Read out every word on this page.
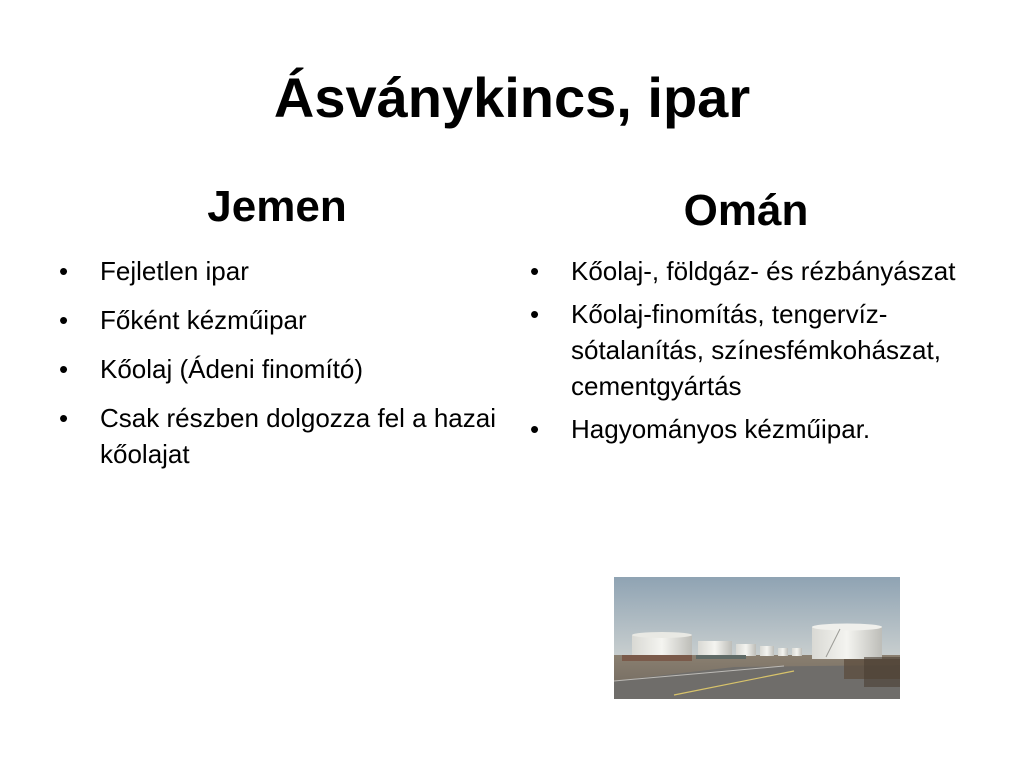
Ásványkincs, ipar
Jemen	Omán
• Fejletlen ipar
• Főként kézműipar
• Kőolaj (Ádeni finomító)
• Csak részben dolgozza fel a hazai kőolajat
• Kőolaj-, földgáz- és rézbányászat
• Kőolaj-finomítás, tengervíz-sótalanítás, színesfémkohászat, cementgyártás
• Hagyományos kézműipar.
